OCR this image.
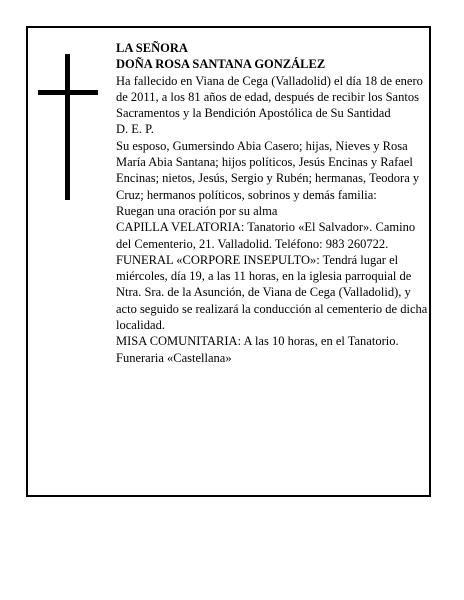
LA SEÑORA

DOÑA ROSA SANTANA GONZÁLEZ

Ha fallecido en Viana de Cega (Valladolid) el día 18 de enero de 2011, a los 81 años de edad, después de recibir los Santos Sacramentos y la Bendición Apostólica de Su Santidad

D. E. P.

Su esposo, Gumersindo Abia Casero; hijas, Nieves y Rosa María Abia Santana; hijos políticos, Jesús Encinas y Rafael Encinas; nietos, Jesús, Sergio y Rubén; hermanas, Teodora y Cruz; hermanos políticos, sobrinos y demás familia:

Ruegan una oración por su alma

CAPILLA VELATORIA: Tanatorio «El Salvador». Camino del Cementerio, 21. Valladolid. Teléfono: 983 260722.

FUNERAL «CORPORE INSEPULTO»: Tendrá lugar el miércoles, día 19, a las 11 horas, en la iglesia parroquial de Ntra. Sra. de la Asunción, de Viana de Cega (Valladolid), y acto seguido se realizará la conducción al cementerio de dicha localidad.

MISA COMUNITARIA: A las 10 horas, en el Tanatorio.

Funeraria «Castellana»
